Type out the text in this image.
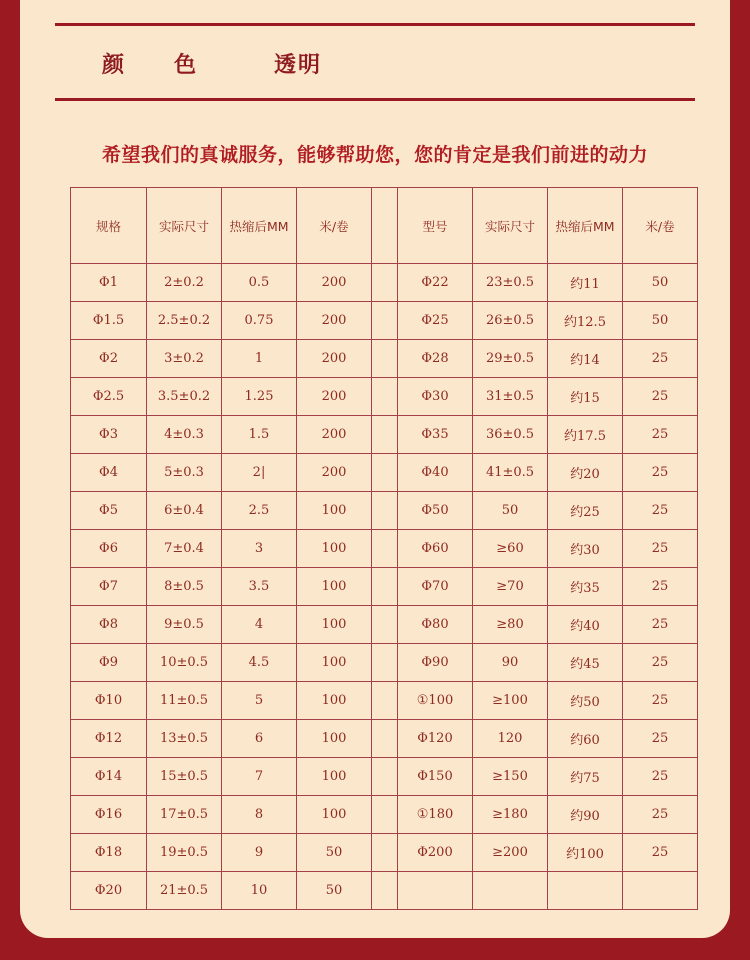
颜色 透明
希望我们的真诚服务，能够帮助您，您的肯定是我们前进的动力
规格	实际尺寸	热缩后MM	米/卷		型号	实际尺寸	热缩后MM	米/卷
Φ1	2±0.2	0.5	200		Φ22	23±0.5	约11	50
Φ1.5	2.5±0.2	0.75	200		Φ25	26±0.5	约12.5	50
Φ2	3±0.2	1	200		Φ28	29±0.5	约14	25
Φ2.5	3.5±0.2	1.25	200		Φ30	31±0.5	约15	25
Φ3	4±0.3	1.5	200		Φ35	36±0.5	约17.5	25
Φ4	5±0.3	2|	200		Φ40	41±0.5	约20	25
Φ5	6±0.4	2.5	100		Φ50	50	约25	25
Φ6	7±0.4	3	100		Φ60	≥60	约30	25
Φ7	8±0.5	3.5	100		Φ70	≥70	约35	25
Φ8	9±0.5	4	100		Φ80	≥80	约40	25
Φ9	10±0.5	4.5	100		Φ90	90	约45	25
Φ10	11±0.5	5	100		①100	≥100	约50	25
Φ12	13±0.5	6	100		Φ120	120	约60	25
Φ14	15±0.5	7	100		Φ150	≥150	约75	25
Φ16	17±0.5	8	100		①180	≥180	约90	25
Φ18	19±0.5	9	50		Φ200	≥200	约100	25
Φ20	21±0.5	10	50					
